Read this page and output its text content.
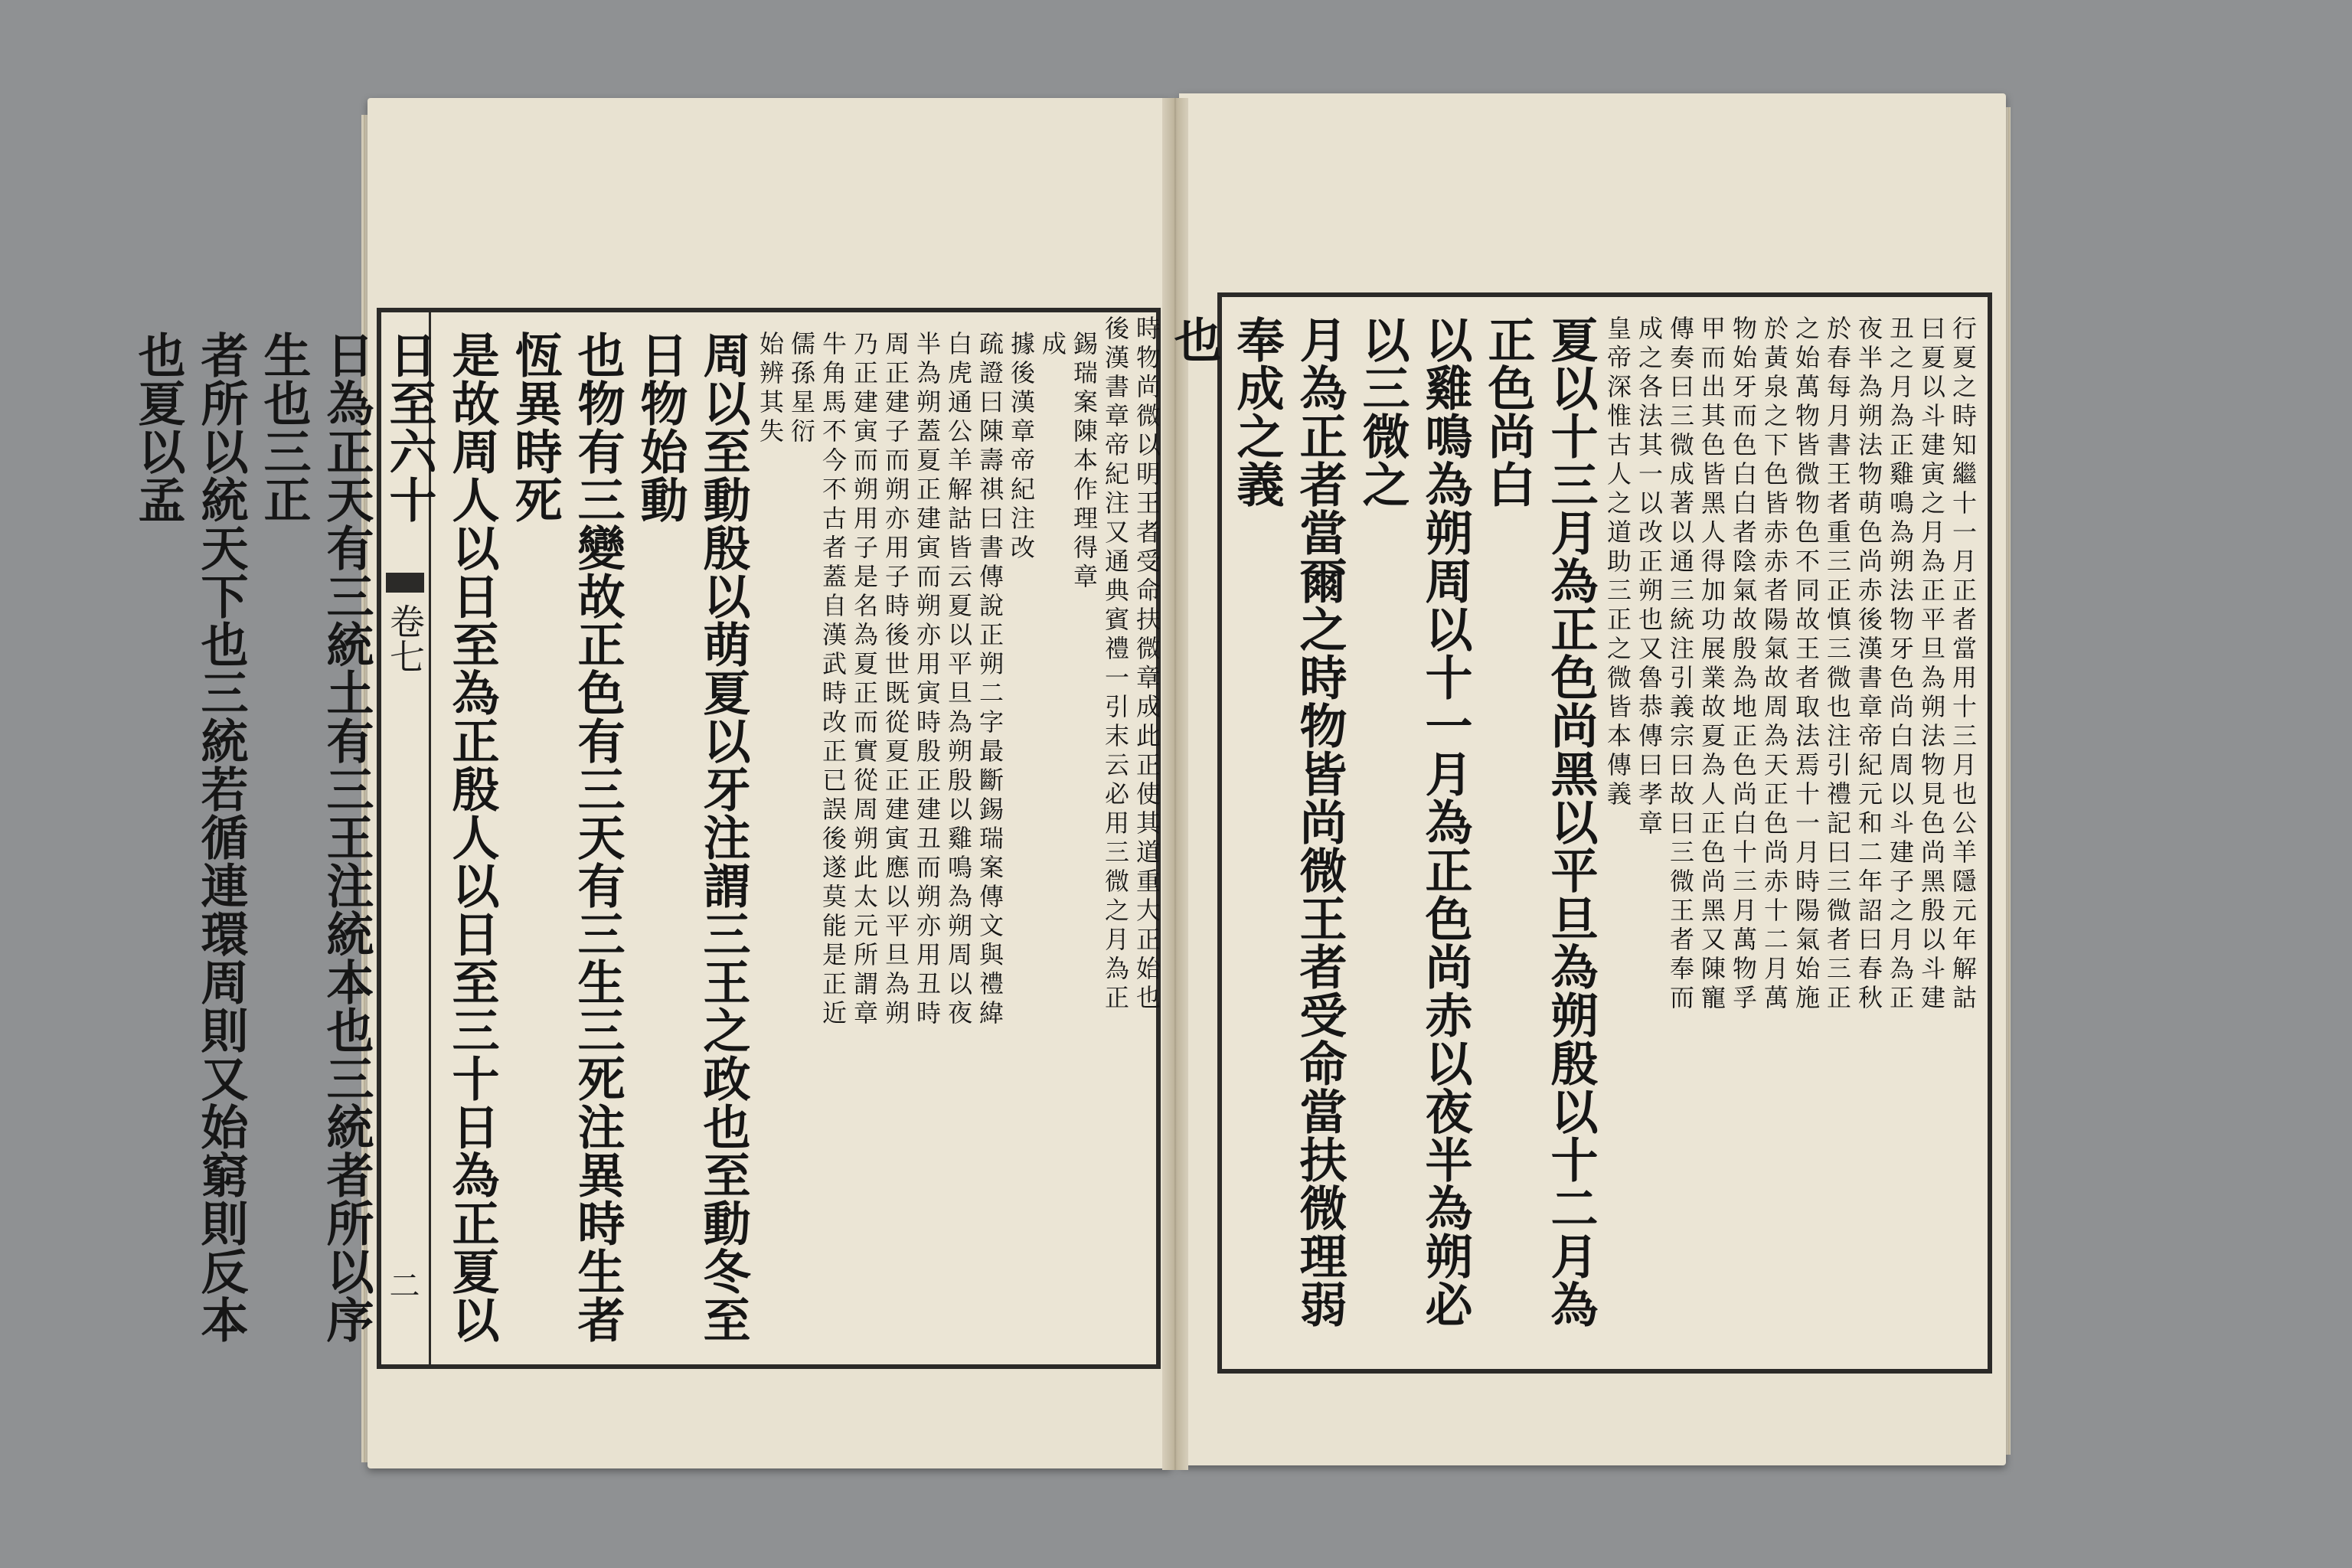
卷七
二
錫瑞案陳本作理得章
成
據後漢章帝紀注改
疏證曰陳壽祺曰書傳說正朔二字最斷錫瑞案傳文與禮緯
白虎通公羊解詁皆云夏以平旦為朔殷以雞鳴為朔周以夜
半為朔蓋夏正建寅而朔亦用寅時殷正建丑而朔亦用丑時
周正建子而朔亦用子時後世既從夏正建寅應以平旦為朔
乃正建寅而朔用子是名為夏正而實從周朔此太元所謂章
牛角馬不今不古者蓋自漢武時改正已誤後遂莫能是正近
儒孫星衍
始辨其失
周以至動殷以萌夏以牙注謂三王之政也至動冬至日物始動
也物有三變故正色有三天有三生三死注異時生者恆異時死
是故周人以日至為正殷人以日至三十日為正夏以日至六十
日為正天有三統土有三王注統本也三統者所以序生也三正
者所以統天下也三統若循連環周則又始窮則反本也夏以孟	行夏之時知繼十一月正者當用十三月也公羊隱元年解詁
曰夏以斗建寅之月為正平旦為朔法物見色尚黑殷以斗建
丑之月為正雞鳴為朔法物牙色尚白周以斗建子之月為正
夜半為朔法物萌色尚赤後漢書章帝紀元和二年詔曰春秋
於春每月書王者重三正慎三微也注引禮記曰三微者三正
之始萬物皆微物色不同故王者取法焉十一月時陽氣始施
於黃泉之下色皆赤赤者陽氣故周為天正色尚赤十二月萬
物始牙而色白白者陰氣故殷為地正色尚白十三月萬物孚
甲而出其色皆黑人得加功展業故夏為人正色尚黑又陳寵
傳奏曰三微成著以通三統注引義宗曰故曰三微王者奉而
成之各法其一以改正朔也又魯恭傳曰孝章
皇帝深惟古人之道助三正之微皆本傳義
夏以十三月為正色尚黑以平旦為朔殷以十二月為正色尚白
以雞鳴為朔周以十一月為正色尚赤以夜半為朔必以三微之
月為正者當爾之時物皆尚微王者受命當扶微理弱奉成之義
也
時物尚微以明王者受命扶微章成此正使其道重大正始也
後漢書章帝紀注又通典賓禮一引末云必用三微之月為正
